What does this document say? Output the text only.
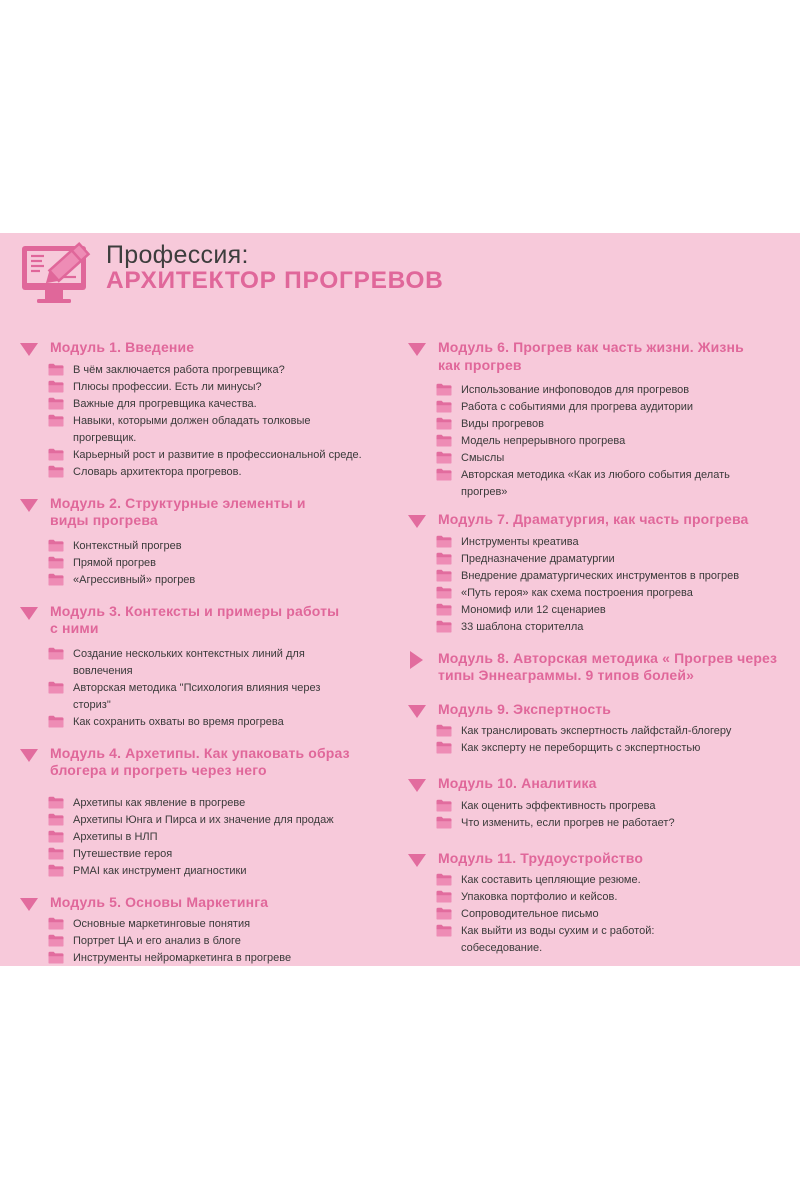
Профессия:
АРХИТЕКТОР ПРОГРЕВОВ
Модуль 1. Введение
В чём заключается работа прогревщика?
Плюсы профессии. Есть ли минусы?
Важные для прогревщика качества.
Навыки, которыми должен обладать толковые прогревщик.
Карьерный рост и развитие в профессиональной среде.
Словарь архитектора прогревов.
Модуль 2. Структурные элементы и виды прогрева
Контекстный прогрев
Прямой прогрев
«Агрессивный» прогрев
Модуль 3. Контексты и примеры работы с ними
Создание нескольких контекстных линий для вовлечения
Авторская методика "Психология влияния через сториз"
Как сохранить охваты во время прогрева
Модуль 4. Архетипы. Как упаковать образ блогера и прогреть через него
Архетипы как явление в прогреве
Архетипы Юнга и Пирса и их значение для продаж
Архетипы в НЛП
Путешествие героя
PMAI как инструмент диагностики
Модуль 5. Основы Маркетинга
Основные маркетинговые понятия
Портрет ЦА и его анализ в блоге
Инструменты нейромаркетинга в прогреве
Модуль 6. Прогрев как часть жизни. Жизнь как прогрев
Использование инфоповодов для прогревов
Работа с событиями для прогрева аудитории
Виды прогревов
Модель непрерывного прогрева
Смыслы
Авторская методика «Как из любого события делать прогрев»
Модуль 7. Драматургия, как часть прогрева
Инструменты креатива
Предназначение драматургии
Внедрение драматургических инструментов в прогрев
«Путь героя» как схема построения прогрева
Мономиф или 12 сценариев
33 шаблона сторителла
Модуль 8. Авторская методика « Прогрев через типы Эннеаграммы. 9 типов болей»
Модуль 9. Экспертность
Как транслировать экспертность лайфстайл-блогеру
Как эксперту не переборщить с экспертностью
Модуль 10. Аналитика
Как оценить эффективность прогрева
Что изменить, если прогрев не работает?
Модуль 11. Трудоустройство
Как составить цепляющие резюме.
Упаковка портфолио и кейсов.
Сопроводительное письмо
Как выйти из воды сухим и с работой: собеседование.
